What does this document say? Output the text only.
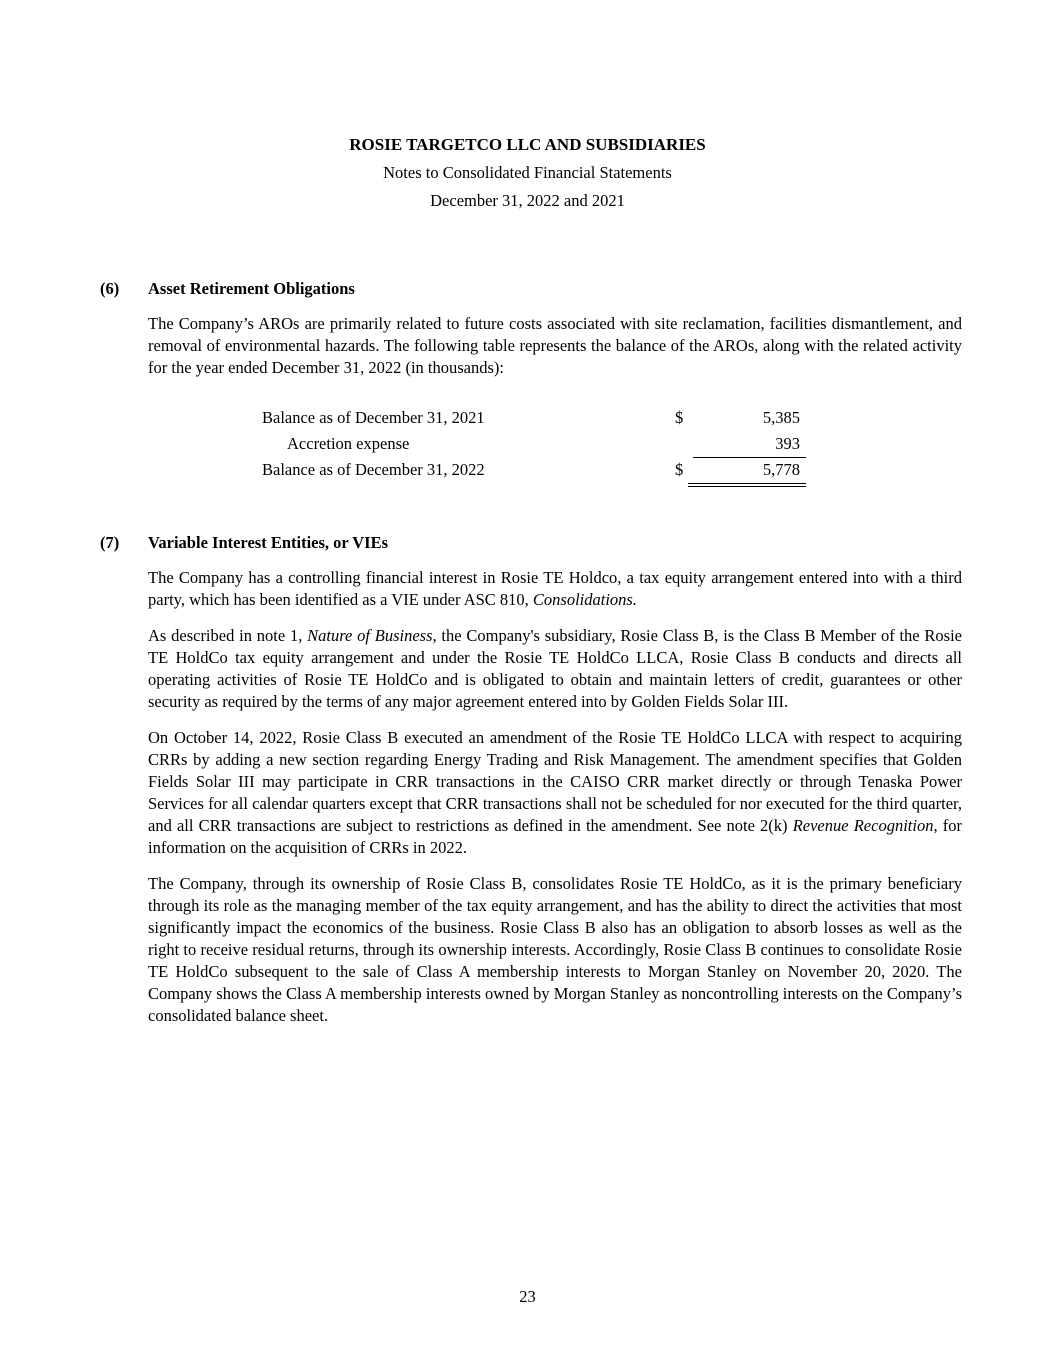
ROSIE TARGETCO LLC AND SUBSIDIARIES
Notes to Consolidated Financial Statements
December 31, 2022 and 2021
(6) Asset Retirement Obligations
The Company’s AROs are primarily related to future costs associated with site reclamation, facilities dismantlement, and removal of environmental hazards. The following table represents the balance of the AROs, along with the related activity for the year ended December 31, 2022 (in thousands):
Balance as of December 31, 2021	$	5,385
Accretion expense	393
Balance as of December 31, 2022	$	5,778
(7) Variable Interest Entities, or VIEs
The Company has a controlling financial interest in Rosie TE Holdco, a tax equity arrangement entered into with a third party, which has been identified as a VIE under ASC 810, Consolidations.
As described in note 1, Nature of Business, the Company's subsidiary, Rosie Class B, is the Class B Member of the Rosie TE HoldCo tax equity arrangement and under the Rosie TE HoldCo LLCA, Rosie Class B conducts and directs all operating activities of Rosie TE HoldCo and is obligated to obtain and maintain letters of credit, guarantees or other security as required by the terms of any major agreement entered into by Golden Fields Solar III.
On October 14, 2022, Rosie Class B executed an amendment of the Rosie TE HoldCo LLCA with respect to acquiring CRRs by adding a new section regarding Energy Trading and Risk Management. The amendment specifies that Golden Fields Solar III may participate in CRR transactions in the CAISO CRR market directly or through Tenaska Power Services for all calendar quarters except that CRR transactions shall not be scheduled for nor executed for the third quarter, and all CRR transactions are subject to restrictions as defined in the amendment. See note 2(k) Revenue Recognition, for information on the acquisition of CRRs in 2022.
The Company, through its ownership of Rosie Class B, consolidates Rosie TE HoldCo, as it is the primary beneficiary through its role as the managing member of the tax equity arrangement, and has the ability to direct the activities that most significantly impact the economics of the business. Rosie Class B also has an obligation to absorb losses as well as the right to receive residual returns, through its ownership interests. Accordingly, Rosie Class B continues to consolidate Rosie TE HoldCo subsequent to the sale of Class A membership interests to Morgan Stanley on November 20, 2020. The Company shows the Class A membership interests owned by Morgan Stanley as noncontrolling interests on the Company’s consolidated balance sheet.
23
